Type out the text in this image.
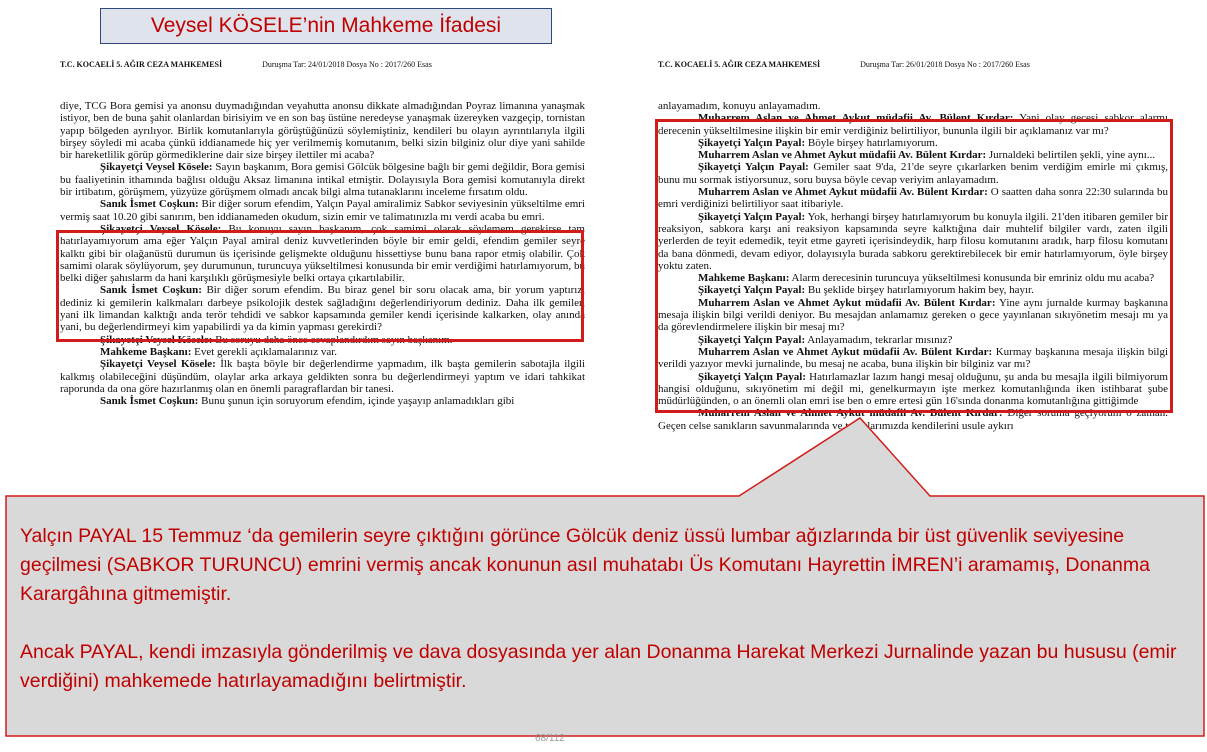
Veysel KÖSELE’nin Mahkeme İfadesi
T.C. KOCAELİ 5. AĞIR CEZA MAHKEMESİ	Duruşma Tar: 24/01/2018 Dosya No : 2017/260 Esas

diye, TCG Bora gemisi ya anonsu duymadığından veyahutta anonsu dikkate almadığından Poyraz limanına yanaşmak istiyor, ben de buna şahit olanlardan birisiyim ve en son baş üstüne neredeyse yanaşmak üzereyken vazgeçip, tornistan yapıp bölgeden ayrılıyor. Birlik komutanlarıyla görüştüğünüzü söylemiştiniz, kendileri bu olayın ayrıntılarıyla ilgili birşey söyledi mi acaba çünkü iddianamede hiç yer verilmemiş komutanım, belki sizin bilginiz olur diye yani sahilde bir hareketlilik görüp görmediklerine dair size birşey ilettiler mi acaba?

Şikayetçi Veysel Kösele: Sayın başkanım, Bora gemisi Gölcük bölgesine bağlı bir gemi değildir, Bora gemisi bu faaliyetinin ithamında bağlısı olduğu Aksaz limanına intikal etmiştir. Dolayısıyla Bora gemisi komutanıyla direkt bir irtibatım, görüşmem, yüzyüze görüşmem olmadı ancak bilgi alma tutanaklarını inceleme fırsatım oldu.

Sanık İsmet Coşkun: Bir diğer sorum efendim, Yalçın Payal amiralimiz Sabkor seviyesinin yükseltilme emri vermiş saat 10.20 gibi sanırım, ben iddianameden okudum, sizin emir ve talimatınızla mı verdi acaba bu emri.

Şikayetçi Veysel Kösele: Bu konuyu sayın başkanım, çok samimi olarak söylemem gerekirse tam hatırlayamıyorum ama eğer Yalçın Payal amiral deniz kuvvetlerinden böyle bir emir geldi, efendim gemiler seyre kalktı gibi bir olağanüstü durumun üs içerisinde gelişmekte olduğunu hissettiyse bunu bana rapor etmiş olabilir. Çok samimi olarak söylüyorum, şey durumunun, turuncuya yükseltilmesi konusunda bir emir verdiğimi hatırlamıyorum, bu belki diğer şahıslarm da hani karşılıklı görüşmesiyle belki ortaya çıkartılabilir.

Sanık İsmet Coşkun: Bir diğer sorum efendim. Bu biraz genel bir soru olacak ama, bir yorum yaptırız, dediniz ki gemilerin kalkmaları darbeye psikolojik destek sağladığını değerlendiriyorum dediniz. Daha ilk gemiler, yani ilk limandan kalktığı anda terör tehdidi ve sabkor kapsamında gemiler kendi içerisinde kalkarken, olay anında yani, bu değerlendirmeyi kim yapabilirdi ya da kimin yapması gerekirdi?

Şikayetçi Veysel Kösele: Bu soruyu daha önce cevaplandırdım sayın başkanım.

Mahkeme Başkanı: Evet gerekli açıklamalarınız var.

Şikayetçi Veysel Kösele: İlk başta böyle bir değerlendirme yapmadım, ilk başta gemilerin sabotajla ilgili kalkmış olabileceğini düşündüm, olaylar arka arkaya geldikten sonra bu değerlendirmeyi yaptım ve idari tahkikat raporunda da ona göre hazırlanmış olan en önemli paragraflardan bir tanesi.

Sanık İsmet Coşkun: Bunu şunun için soruyorum efendim, içinde yaşayıp anlamadıkları gibi

T.C. KOCAELİ 5. AĞIR CEZA MAHKEMESİ	Duruşma Tar: 26/01/2018 Dosya No : 2017/260 Esas

anlayamadım, konuyu anlayamadım.

Muharrem Aslan ve Ahmet Aykut müdafii Av. Bülent Kırdar: Yani olay gecesi sabkor alarmı derecenin yükseltilmesine ilişkin bir emir verdiğiniz belirtiliyor, bununla ilgili bir açıklamanız var mı?

Şikayetçi Yalçın Payal: Böyle birşey hatırlamıyorum.

Muharrem Aslan ve Ahmet Aykut müdafii Av. Bülent Kırdar: Jurnaldeki belirtilen şekli, yine aynı...

Şikayetçi Yalçın Payal: Gemiler saat 9'da, 21'de seyre çıkarlarken benim verdiğim emirle mi çıkmış, bunu mu sormak istiyorsunuz, soru buysa böyle cevap veriyim anlayamadım.

Muharrem Aslan ve Ahmet Aykut müdafii Av. Bülent Kırdar: O saatten daha sonra 22:30 sularında bu emri verdiğinizi belirtiliyor saat itibariyle.

Şikayetçi Yalçın Payal: Yok, herhangi birşey hatırlamıyorum bu konuyla ilgili. 21'den itibaren gemiler bir reaksiyon, sabkora karşı ani reaksiyon kapsamında seyre kalktığına dair muhtelif bilgiler vardı, zaten ilgili yerlerden de teyit edemedik, teyit etme gayreti içerisindeydik, harp filosu komutanını aradık, harp filosu komutanı da bana dönmedi, devam ediyor, dolayısıyla burada sabkoru gerektirebilecek bir emir hatırlamıyorum, öyle birşey yoktu zaten.

Mahkeme Başkanı: Alarm derecesinin turuncuya yükseltilmesi konusunda bir emriniz oldu mu acaba?

Şikayetçi Yalçın Payal: Bu şeklide birşey hatırlamıyorum hakim bey, hayır.

Muharrem Aslan ve Ahmet Aykut müdafii Av. Bülent Kırdar: Yine aynı jurnalde kurmay başkanına mesaja ilişkin bilgi verildi deniyor. Bu mesajdan anlamamız gereken o gece yayınlanan sıkıyönetim mesajı mı ya da görevlendirmelere ilişkin bir mesaj mı?

Şikayetçi Yalçın Payal: Anlayamadım, tekrarlar mısınız?

Muharrem Aslan ve Ahmet Aykut müdafii Av. Bülent Kırdar: Kurmay başkanına mesaja ilişkin bilgi verildi yazıyor mevki jurnalinde, bu mesaj ne acaba, buna ilişkin bir bilginiz var mı?

Şikayetçi Yalçın Payal: Hatırlamazlar lazım hangi mesaj olduğunu, şu anda bu mesajla ilgili bilmiyorum hangisi olduğunu, sıkıyönetim mi değil mi, genelkurmayın işte merkez komutanlığında iken istihbarat şube müdürlüğünden, o an önemli olan emri ise ben o emre ertesi gün 16'sında donanma komutanlığına gittiğimde

Muharrem Aslan ve Ahmet Aykut müdafii Av. Bülent Kırdar: Diğer soruma geçiyorum o zaman. Geçen celse sanıkların savunmalarında ve tanıklarımızda kendilerini usule aykırı

Yalçın PAYAL 15 Temmuz ‘da gemilerin seyre çıktığını görünce Gölcük deniz üssü lumbar ağızlarında bir üst güvenlik seviyesine geçilmesi (SABKOR TURUNCU) emrini vermiş ancak konunun asıl muhatabı Üs Komutanı Hayrettin İMREN’i aramamış, Donanma Karargâhına gitmemiştir.

Ancak PAYAL, kendi imzasıyla gönderilmiş ve dava dosyasında yer alan Donanma Harekat Merkezi Jurnalinde yazan bu hususu (emir verdiğini) mahkemede hatırlayamadığını belirtmiştir.

68/112
